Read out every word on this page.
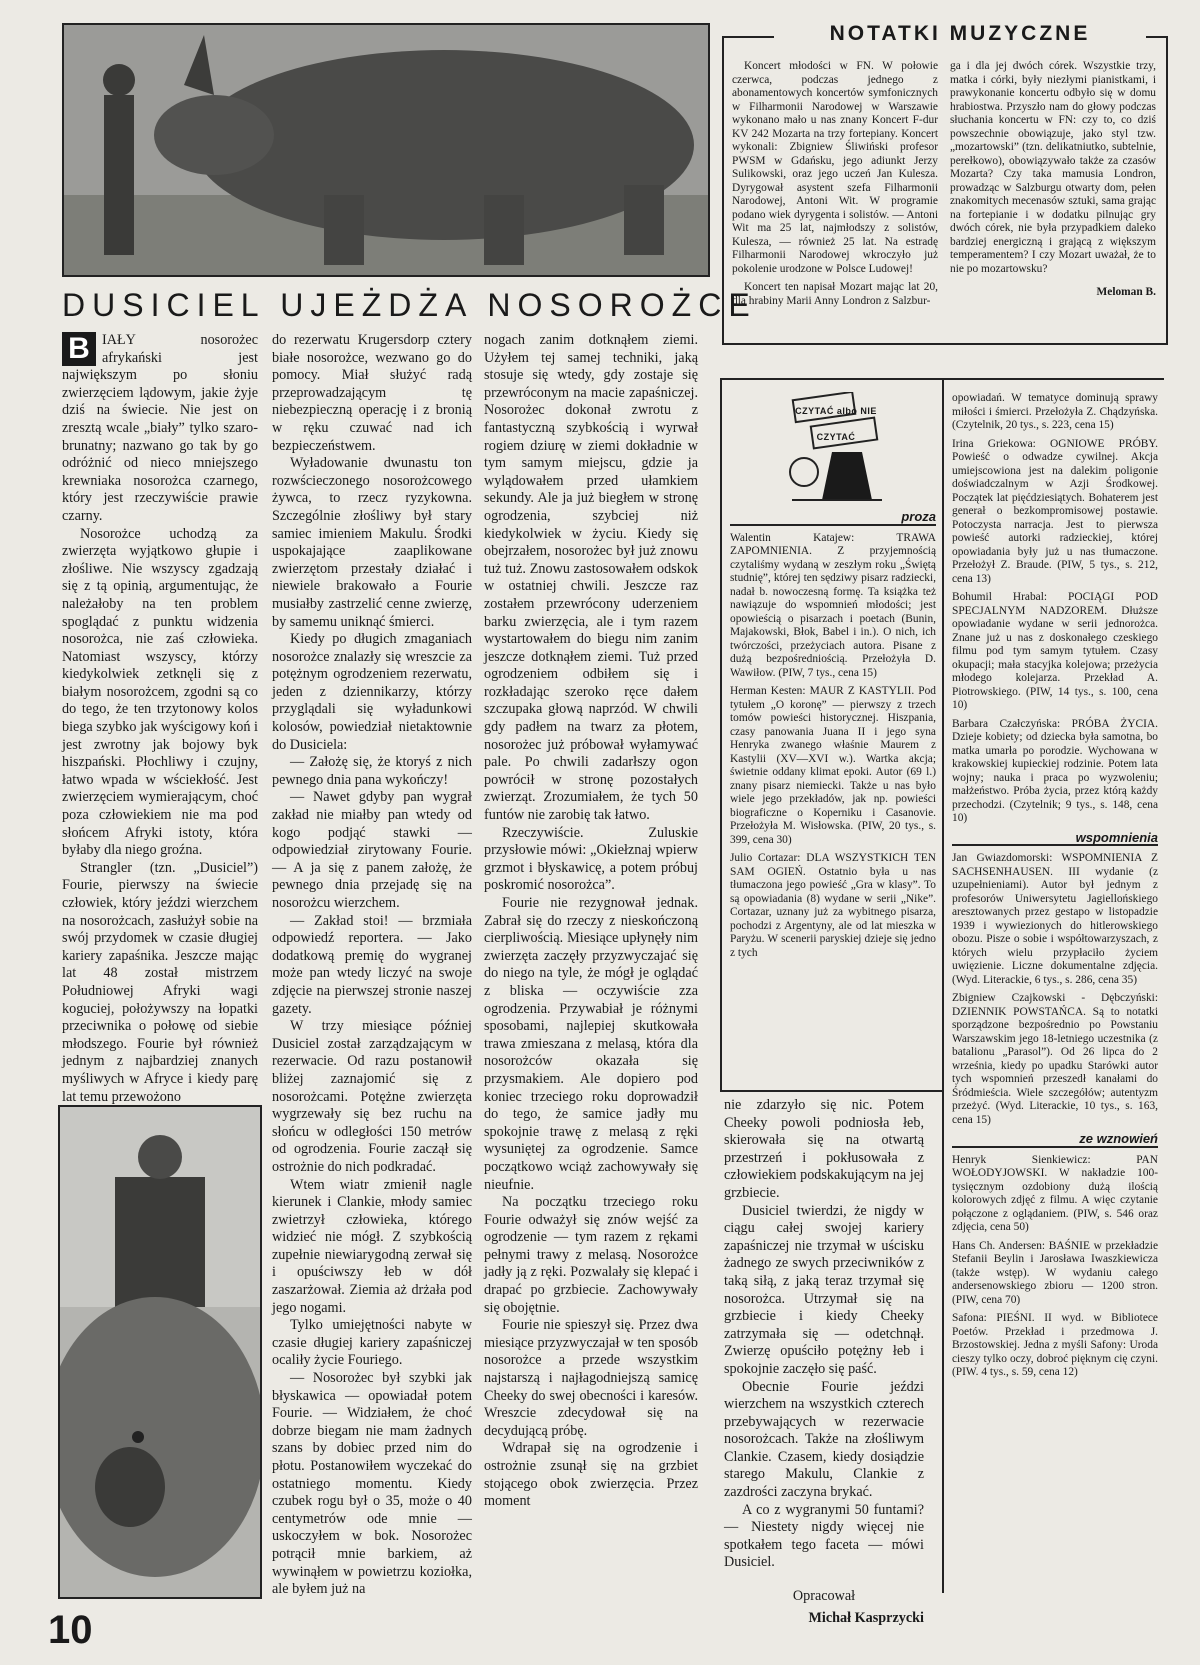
DUSICIEL UJEŻDŻA NOSOROŻCE

B IAŁY nosorożec afrykański jest największym po słoniu zwierzęciem lądowym, jakie żyje dziś na świecie. Nie jest on zresztą wcale „biały” tylko szaro-brunatny; nazwano go tak by go odróżnić od nieco mniejszego krewniaka nosorożca czarnego, który jest rzeczywiście prawie czarny.

Nosorożce uchodzą za zwierzęta wyjątkowo głupie i złośliwe. Nie wszyscy zgadzają się z tą opinią, argumentując, że należałoby na ten problem spoglądać z punktu widzenia nosorożca, nie zaś człowieka. Natomiast wszyscy, którzy kiedykolwiek zetknęli się z białym nosorożcem, zgodni są co do tego, że ten trzytonowy kolos biega szybko jak wyścigowy koń i jest zwrotny jak bojowy byk hiszpański. Płochliwy i czujny, łatwo wpada w wściekłość. Jest zwierzęciem wymierającym, choć poza człowiekiem nie ma pod słońcem Afryki istoty, która byłaby dla niego groźna.

Strangler (tzn. „Dusiciel”) Fourie, pierwszy na świecie człowiek, który jeździ wierzchem na nosorożcach, zasłużył sobie na swój przydomek w czasie długiej kariery zapaśnika. Jeszcze mając lat 48 został mistrzem Południowej Afryki wagi koguciej, położywszy na łopatki przeciwnika o połowę od siebie młodszego. Fourie był również jednym z najbardziej znanych myśliwych w Afryce i kiedy parę lat temu przewożono

do rezerwatu Krugersdorp cztery białe nosorożce, wezwano go do pomocy. Miał służyć radą przeprowadzającym tę niebezpieczną operację i z bronią w ręku czuwać nad ich bezpieczeństwem.

Wyładowanie dwunastu ton rozwścieczonego nosorożcowego żywca, to rzecz ryzykowna. Szczególnie złośliwy był stary samiec imieniem Makulu. Środki uspokajające zaaplikowane zwierzętom przestały działać i niewiele brakowało a Fourie musiałby zastrzelić cenne zwierzę, by samemu uniknąć śmierci.

Kiedy po długich zmaganiach nosorożce znalazły się wreszcie za potężnym ogrodzeniem rezerwatu, jeden z dziennikarzy, którzy przyglądali się wyładunkowi kolosów, powiedział nietaktownie do Dusiciela:

— Założę się, że ktoryś z nich pewnego dnia pana wykończy!

— Nawet gdyby pan wygrał zakład nie miałby pan wtedy od kogo podjąć stawki — odpowiedział zirytowany Fourie. — A ja się z panem założę, że pewnego dnia przejadę się na nosorożcu wierzchem.

— Zakład stoi! — brzmiała odpowiedź reportera. — Jako dodatkową premię do wygranej może pan wtedy liczyć na swoje zdjęcie na pierwszej stronie naszej gazety.

W trzy miesiące później Dusiciel został zarządzającym w rezerwacie. Od razu postanowił bliżej zaznajomić się z nosorożcami. Potężne zwierzęta wygrzewały się bez ruchu na słońcu w odległości 150 metrów od ogrodzenia. Fourie zaczął się ostrożnie do nich podkradać.

Wtem wiatr zmienił nagle kierunek i Clankie, młody samiec zwietrzył człowieka, którego widzieć nie mógł. Z szybkością zupełnie niewiarygodną zerwał się i opuściwszy łeb w dół zaszarżował. Ziemia aż drżała pod jego nogami.

Tylko umiejętności nabyte w czasie długiej kariery zapaśniczej ocaliły życie Fouriego.

— Nosorożec był szybki jak błyskawica — opowiadał potem Fourie. — Widziałem, że choć dobrze biegam nie mam żadnych szans by dobiec przed nim do płotu. Postanowiłem wyczekać do ostatniego momentu. Kiedy czubek rogu był o 35, może o 40 centymetrów ode mnie — uskoczyłem w bok. Nosorożec potrącił mnie barkiem, aż wywinąłem w powietrzu koziołka, ale byłem już na

nogach zanim dotknąłem ziemi. Użyłem tej samej techniki, jaką stosuje się wtedy, gdy zostaje się przewróconym na macie zapaśniczej. Nosorożec dokonał zwrotu z fantastyczną szybkością i wyrwał rogiem dziurę w ziemi dokładnie w tym samym miejscu, gdzie ja wylądowałem przed ułamkiem sekundy. Ale ja już biegłem w stronę ogrodzenia, szybciej niż kiedykolwiek w życiu. Kiedy się obejrzałem, nosorożec był już znowu tuż tuż. Znowu zastosowałem odskok w ostatniej chwili. Jeszcze raz zostałem przewrócony uderzeniem barku zwierzęcia, ale i tym razem wystartowałem do biegu nim zanim jeszcze dotknąłem ziemi. Tuż przed ogrodzeniem odbiłem się i rozkładając szeroko ręce dałem szczupaka głową naprzód. W chwili gdy padłem na twarz za płotem, nosorożec już próbował wyłamywać pale. Po chwili zadarłszy ogon powrócił w stronę pozostałych zwierząt. Zrozumiałem, że tych 50 funtów nie zarobię tak łatwo.

Rzeczywiście. Zuluskie przysłowie mówi: „Okiełznaj wpierw grzmot i błyskawicę, a potem próbuj poskromić nosorożca”.

Fourie nie rezygnował jednak. Zabrał się do rzeczy z nieskończoną cierpliwością. Miesiące upłynęły nim zwierzęta zaczęły przyzwyczajać się do niego na tyle, że mógł je oglądać z bliska — oczywiście zza ogrodzenia. Przywabiał je różnymi sposobami, najlepiej skutkowała trawa zmieszana z melasą, która dla nosorożców okazała się przysmakiem. Ale dopiero pod koniec trzeciego roku doprowadził do tego, że samice jadły mu spokojnie trawę z melasą z ręki wysuniętej za ogrodzenie. Samce początkowo wciąż zachowywały się nieufnie.

Na początku trzeciego roku Fourie odważył się znów wejść za ogrodzenie — tym razem z rękami pełnymi trawy z melasą. Nosorożce jadły ją z ręki. Pozwalały się klepać i drapać po grzbiecie. Zachowywały się obojętnie.

Fourie nie spieszył się. Przez dwa miesiące przyzwyczajał w ten sposób nosorożce a przede wszystkim najstarszą i najłagodniejszą samicę Cheeky do swej obecności i karesów. Wreszcie zdecydował się na decydującą próbę.

Wdrapał się na ogrodzenie i ostrożnie zsunął się na grzbiet stojącego obok zwierzęcia. Przez moment

NOTATKI MUZYCZNE

Koncert młodości w FN. W połowie czerwca, podczas jednego z abonamentowych koncertów symfonicznych w Filharmonii Narodowej w Warszawie wykonano mało u nas znany Koncert F-dur KV 242 Mozarta na trzy fortepiany. Koncert wykonali: Zbigniew Śliwiński profesor PWSM w Gdańsku, jego adiunkt Jerzy Sulikowski, oraz jego uczeń Jan Kulesza. Dyrygował asystent szefa Filharmonii Narodowej, Antoni Wit. W programie podano wiek dyrygenta i solistów. — Antoni Wit ma 25 lat, najmłodszy z solistów, Kulesza, — również 25 lat. Na estradę Filharmonii Narodowej wkroczyło już pokolenie urodzone w Polsce Ludowej!

Koncert ten napisał Mozart mając lat 20, dla hrabiny Marii Anny Londron z Salzbur-

ga i dla jej dwóch córek. Wszystkie trzy, matka i córki, były niezłymi pianistkami, i prawykonanie koncertu odbyło się w domu hrabiostwa. Przyszło nam do głowy podczas słuchania koncertu w FN: czy to, co dziś powszechnie obowiązuje, jako styl tzw. „mozartowski” (tzn. delikatniutko, subtelnie, perełkowo), obowiązywało także za czasów Mozarta? Czy taka mamusia Londron, prowadząc w Salzburgu otwarty dom, pełen znakomitych mecenasów sztuki, sama grając na fortepianie i w dodatku pilnując gry dwóch córek, nie była przypadkiem daleko bardziej energiczną i grającą z większym temperamentem? I czy Mozart uważał, że to nie po mozartowsku?

Meloman B.

nie zdarzyło się nic. Potem Cheeky powoli podniosła łeb, skierowała się na otwartą przestrzeń i pokłusowała z człowiekiem podskakującym na jej grzbiecie.

Dusiciel twierdzi, że nigdy w ciągu całej swojej kariery zapaśniczej nie trzymał w uścisku żadnego ze swych przeciwników z taką siłą, z jaką teraz trzymał się nosorożca. Utrzymał się na grzbiecie i kiedy Cheeky zatrzymała się — odetchnął. Zwierzę opuściło potężny łeb i spokojnie zaczęło się paść.

Obecnie Fourie jeździ wierzchem na wszystkich czterech przebywających w rezerwacie nosorożcach. Także na złośliwym Clankie. Czasem, kiedy dosiądzie starego Makulu, Clankie z zazdrości zaczyna brykać.

A co z wygranymi 50 funtami? — Niestety nigdy więcej nie spotkałem tego faceta — mówi Dusiciel.

Opracował
Michał Kasprzycki
CZYTAĆ albo NIE CZYTAĆ
proza

Walentin Katajew: TRAWA ZAPOMNIENIA. Z przyjemnością czytaliśmy wydaną w zeszłym roku „Świętą studnię”, której ten sędziwy pisarz radziecki, nadał b. nowoczesną formę. Ta książka też nawiązuje do wspomnień młodości; jest opowieścią o pisarzach i poetach (Bunin, Majakowski, Błok, Babel i in.). O nich, ich twórczości, przeżyciach autora. Pisane z dużą bezpośredniością. Przełożyła D. Wawiłow. (PIW, 7 tys., cena 15)

Herman Kesten: MAUR Z KASTYLII. Pod tytułem „O koronę” — pierwszy z trzech tomów powieści historycznej. Hiszpania, czasy panowania Juana II i jego syna Henryka zwanego właśnie Maurem z Kastylii (XV—XVI w.). Wartka akcja; świetnie oddany klimat epoki. Autor (69 l.) znany pisarz niemiecki. Także u nas było wiele jego przekładów, jak np. powieści biograficzne o Koperniku i Casanovie. Przełożyła M. Wisłowska. (PIW, 20 tys., s. 399, cena 30)

Julio Cortazar: DLA WSZYSTKICH TEN SAM OGIEŃ. Ostatnio była u nas tłumaczona jego powieść „Gra w klasy”. To są opowiadania (8) wydane w serii „Nike”. Cortazar, uznany już za wybitnego pisarza, pochodzi z Argentyny, ale od lat mieszka w Paryżu. W scenerii paryskiej dzieje się jedno z tych

opowiadań. W tematyce dominują sprawy miłości i śmierci. Przełożyła Z. Chądzyńska. (Czytelnik, 20 tys., s. 223, cena 15)

Irina Griekowa: OGNIOWE PRÓBY. Powieść o odwadze cywilnej. Akcja umiejscowiona jest na dalekim poligonie doświadczalnym w Azji Środkowej. Początek lat pięćdziesiątych. Bohaterem jest generał o bezkompromisowej postawie. Potoczysta narracja. Jest to pierwsza powieść autorki radzieckiej, której opowiadania były już u nas tłumaczone. Przełożył Z. Braude. (PIW, 5 tys., s. 212, cena 13)

Bohumil Hrabal: POCIĄGI POD SPECJALNYM NADZOREM. Dłuższe opowiadanie wydane w serii jednorożca. Znane już u nas z doskonałego czeskiego filmu pod tym samym tytułem. Czasy okupacji; mała stacyjka kolejowa; przeżycia młodego kolejarza. Przekład A. Piotrowskiego. (PIW, 14 tys., s. 100, cena 10)

Barbara Czałczyńska: PRÓBA ŻYCIA. Dzieje kobiety; od dziecka była samotna, bo matka umarła po porodzie. Wychowana w krakowskiej kupieckiej rodzinie. Potem lata wojny; nauka i praca po wyzwoleniu; małżeństwo. Próba życia, przez którą każdy przechodzi. (Czytelnik; 9 tys., s. 148, cena 10)

wspomnienia

Jan Gwiazdomorski: WSPOMNIENIA Z SACHSENHAUSEN. III wydanie (z uzupełnieniami). Autor był jednym z profesorów Uniwersytetu Jagiellońskiego aresztowanych przez gestapo w listopadzie 1939 i wywiezionych do hitlerowskiego obozu. Pisze o sobie i współtowarzyszach, z których wielu przypłaciło życiem uwięzienie. Liczne dokumentalne zdjęcia. (Wyd. Literackie, 6 tys., s. 286, cena 35)

Zbigniew Czajkowski - Dębczyński: DZIENNIK POWSTAŃCA. Są to notatki sporządzone bezpośrednio po Powstaniu Warszawskim jego 18-letniego uczestnika (z batalionu „Parasol”). Od 26 lipca do 2 września, kiedy po upadku Starówki autor tych wspomnień przeszedł kanałami do Śródmieścia. Wiele szczegółów; autentyzm przeżyć. (Wyd. Literackie, 10 tys., s. 163, cena 15)

ze wznowień

Henryk Sienkiewicz: PAN WOŁODYJOWSKI. W nakładzie 100-tysięcznym ozdobiony dużą ilością kolorowych zdjęć z filmu. A więc czytanie połączone z oglądaniem. (PIW, s. 546 oraz zdjęcia, cena 50)

Hans Ch. Andersen: BAŚNIE w przekładzie Stefanii Beylin i Jarosława Iwaszkiewicza (także wstęp). W wydaniu całego andersenowskiego zbioru — 1200 stron. (PIW, cena 70)

Safona: PIEŚNI. II wyd. w Bibliotece Poetów. Przekład i przedmowa J. Brzostowskiej. Jedna z myśli Safony: Uroda cieszy tylko oczy, dobroć pięknym cię czyni. (PIW. 4 tys., s. 59, cena 12)

10
